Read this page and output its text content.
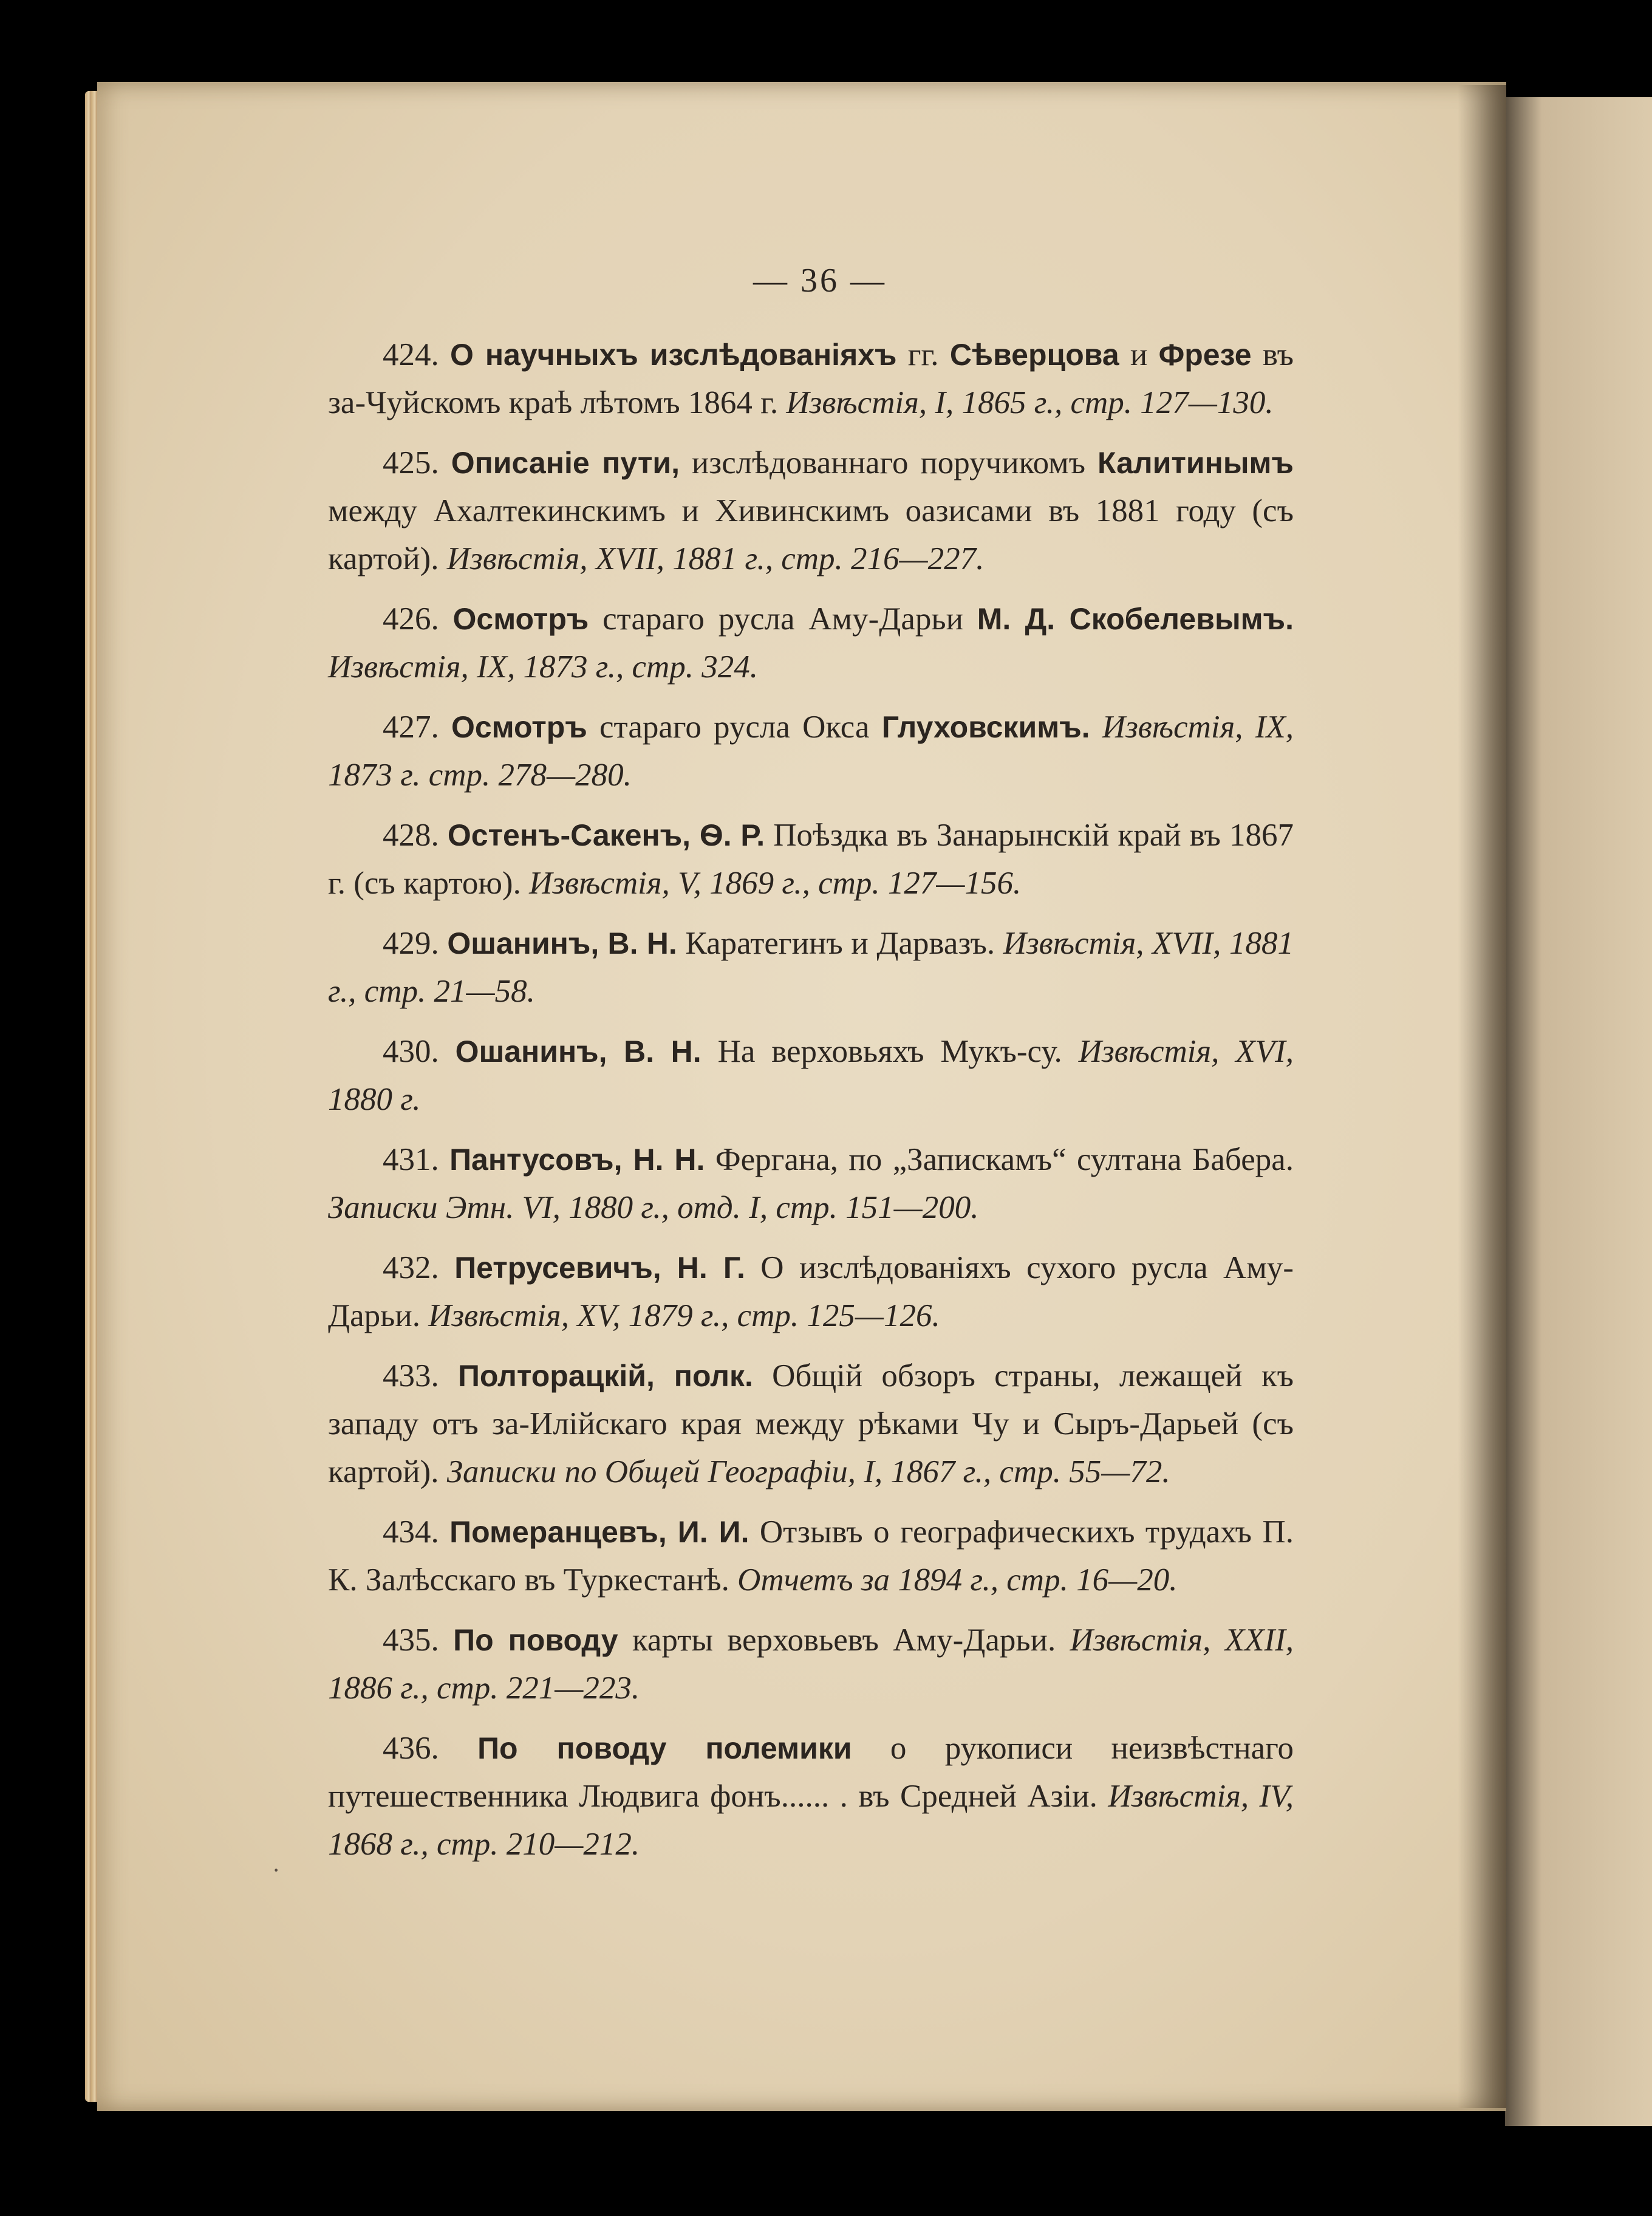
— 36 —

424. О научныхъ изслѣдованіяхъ гг. Сѣверцова и Фрезе въ за-Чуйскомъ краѣ лѣтомъ 1864 г. Извѣстія, I, 1865 г., стр. 127—130.

425. Описаніе пути, изслѣдованнаго поручикомъ Калитинымъ между Ахалтекинскимъ и Хивинскимъ оазисами въ 1881 году (съ картой). Извѣстія, XVII, 1881 г., стр. 216—227.

426. Осмотръ стараго русла Аму-Дарьи М. Д. Скобелевымъ. Извѣстія, IX, 1873 г., стр. 324.

427. Осмотръ стараго русла Окса Глуховскимъ. Извѣстія, IX, 1873 г. стр. 278—280.

428. Остенъ-Сакенъ, Ѳ. Р. Поѣздка въ Занарынскій край въ 1867 г. (съ картою). Извѣстія, V, 1869 г., стр. 127—156.

429. Ошанинъ, В. Н. Каратегинъ и Дарвазъ. Извѣстія, XVII, 1881 г., стр. 21—58.

430. Ошанинъ, В. Н. На верховьяхъ Мукъ-су. Извѣстія, XVI, 1880 г.

431. Пантусовъ, Н. Н. Фергана, по „Запискамъ“ султана Бабера. Записки Этн. VI, 1880 г., отд. I, стр. 151—200.

432. Петрусевичъ, Н. Г. О изслѣдованіяхъ сухого русла Аму-Дарьи. Извѣстія, XV, 1879 г., стр. 125—126.

433. Полторацкій, полк. Общій обзоръ страны, лежащей къ западу отъ за-Илійскаго края между рѣками Чу и Сыръ-Дарьей (съ картой). Записки по Общей Географіи, I, 1867 г., стр. 55—72.

434. Померанцевъ, И. И. Отзывъ о географическихъ трудахъ П. К. Залѣсскаго въ Туркестанѣ. Отчетъ за 1894 г., стр. 16—20.

435. По поводу карты верховьевъ Аму-Дарьи. Извѣстія, XXII, 1886 г., стр. 221—223.

436. По поводу полемики о рукописи неизвѣстнаго путешественника Людвига фонъ...... . въ Средней Азіи. Извѣстія, IV, 1868 г., стр. 210—212.

·
